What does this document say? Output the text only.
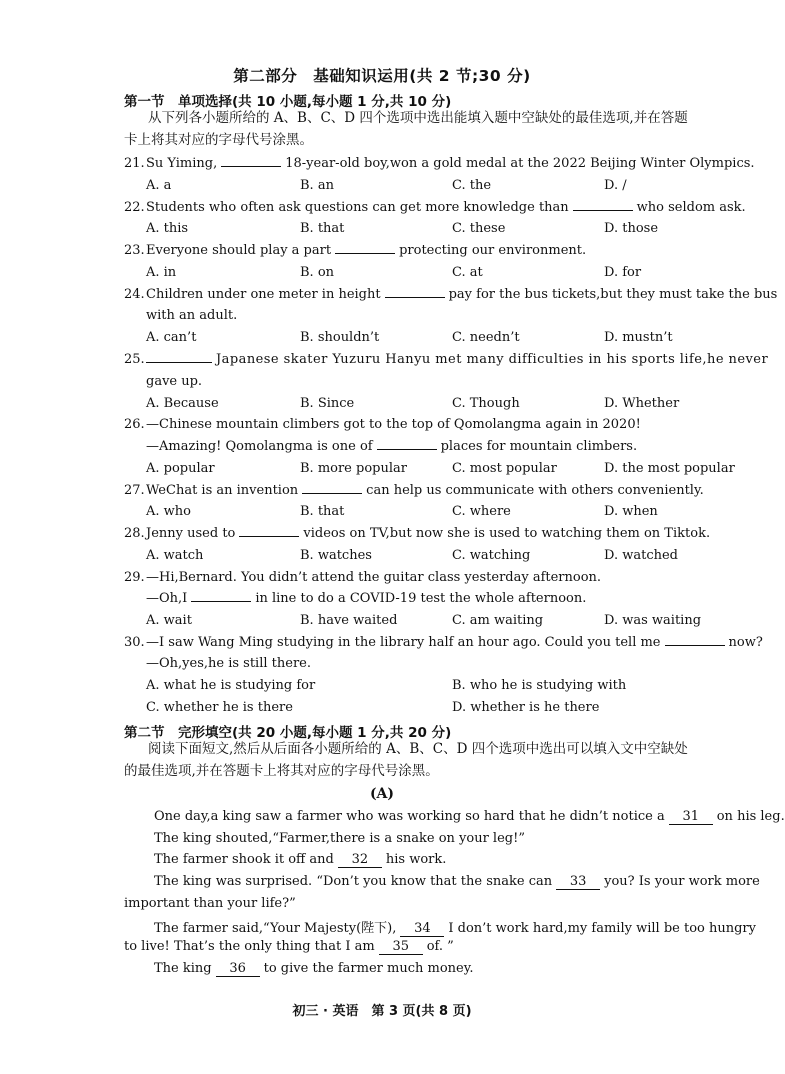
第二部分　基础知识运用(共 2 节;30 分)
第一节　单项选择(共 10 小题,每小题 1 分,共 10 分)
从下列各小题所给的 A、B、C、D 四个选项中选出能填入题中空缺处的最佳选项,并在答题
卡上将其对应的字母代号涂黑。
21. Su Yiming,	18-year-old boy,won a gold medal at the 2022 Beijing Winter Olympics.
A. a	B. an	C. the	D. /
22. Students who often ask questions can get more knowledge than	who seldom ask.
A. this	B. that	C. these	D. those
23. Everyone should play a part	protecting our environment.
A. in	B. on	C. at	D. for
24. Children under one meter in height	pay for the bus tickets,but they must take the bus
with an adult.
A. can’t	B. shouldn’t	C. needn’t	D. mustn’t
25.	Japanese skater Yuzuru Hanyu met many difficulties in his sports life,he never
gave up.
A. Because	B. Since	C. Though	D. Whether
26. —Chinese mountain climbers got to the top of Qomolangma again in 2020!
—Amazing! Qomolangma is one of	places for mountain climbers.
A. popular	B. more popular	C. most popular	D. the most popular
27. WeChat is an invention	can help us communicate with others conveniently.
A. who	B. that	C. where	D. when
28. Jenny used to	videos on TV,but now she is used to watching them on Tiktok.
A. watch	B. watches	C. watching	D. watched
29. —Hi,Bernard. You didn’t attend the guitar class yesterday afternoon.
—Oh,I	in line to do a COVID-19 test the whole afternoon.
A. wait	B. have waited	C. am waiting	D. was waiting
30. —I saw Wang Ming studying in the library half an hour ago. Could you tell me	now?
—Oh,yes,he is still there.
A. what he is studying for	B. who he is studying with
C. whether he is there	D. whether is he there
第二节　完形填空(共 20 小题,每小题 1 分,共 20 分)
阅读下面短文,然后从后面各小题所给的 A、B、C、D 四个选项中选出可以填入文中空缺处
的最佳选项,并在答题卡上将其对应的字母代号涂黑。
(A)
One day,a king saw a farmer who was working so hard that he didn’t notice a 31 on his leg.
The king shouted,“Farmer,there is a snake on your leg!”
The farmer shook it off and 32 his work.
The king was surprised. “Don’t you know that the snake can 33 you? Is your work more
important than your life?”
The farmer said,“Your Majesty(陛下), 34 I don’t work hard,my family will be too hungry
to live! That’s the only thing that I am 35 of. ”
The king 36 to give the farmer much money.
初三 · 英语　第 3 页(共 8 页)
